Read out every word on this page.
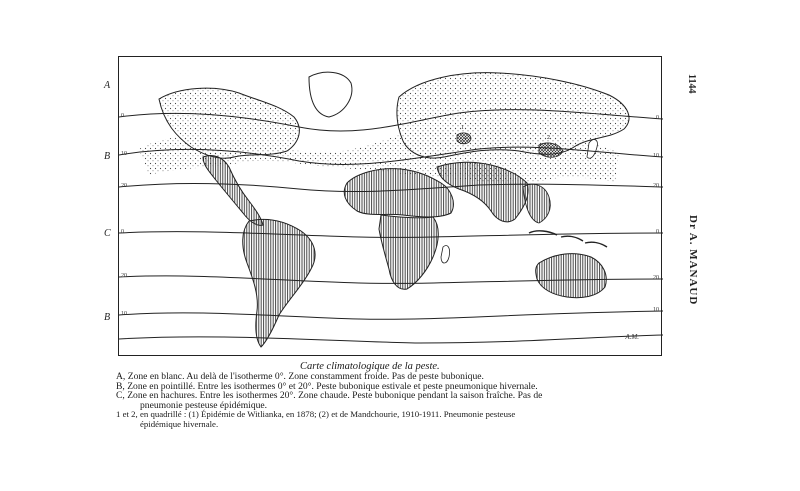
1144
Dr A. MANAUD
A
B
C
B
1
2
0
10
20
0
20
10
0
10
20
0
20
10
A.M.
Carte climatologique de la peste.
A, Zone en blanc. Au delà de l'isotherme 0°. Zone constamment froide. Pas de peste bubonique.
B, Zone en pointillé. Entre les isothermes 0° et 20°. Peste bubonique estivale et peste pneumonique hivernale.
C, Zone en hachures. Entre les isothermes 20°. Zone chaude. Peste bubonique pendant la saison fraîche. Pas de
pneumonie pesteuse épidémique.
1 et 2, en quadrillé : (1) Épidémie de Witlianka, en 1878; (2) et de Mandchourie, 1910-1911. Pneumonie pesteuse
épidémique hivernale.
